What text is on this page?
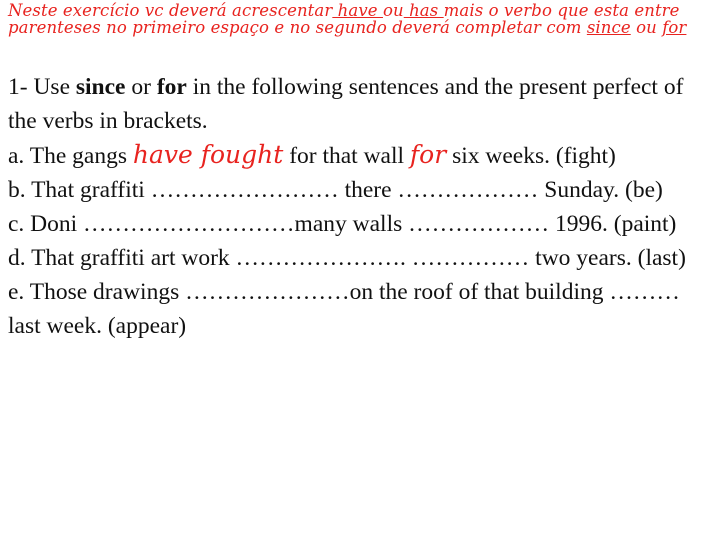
Neste exercício vc deverá acrescentar have ou has mais o verbo que esta entre parenteses no primeiro espaço e no segundo deverá completar com since ou for

1- Use since or for in the following sentences and the present perfect of the verbs in brackets.

a. The gangs have fought for that wall for six weeks. (fight)

b. That graffiti …………………… there ……………… Sunday. (be)

c. Doni ………………………many walls ……………… 1996. (paint)

d. That graffiti art work …………………. …………… two years. (last)

e. Those drawings …………………on the roof of that building ……… last week. (appear)
